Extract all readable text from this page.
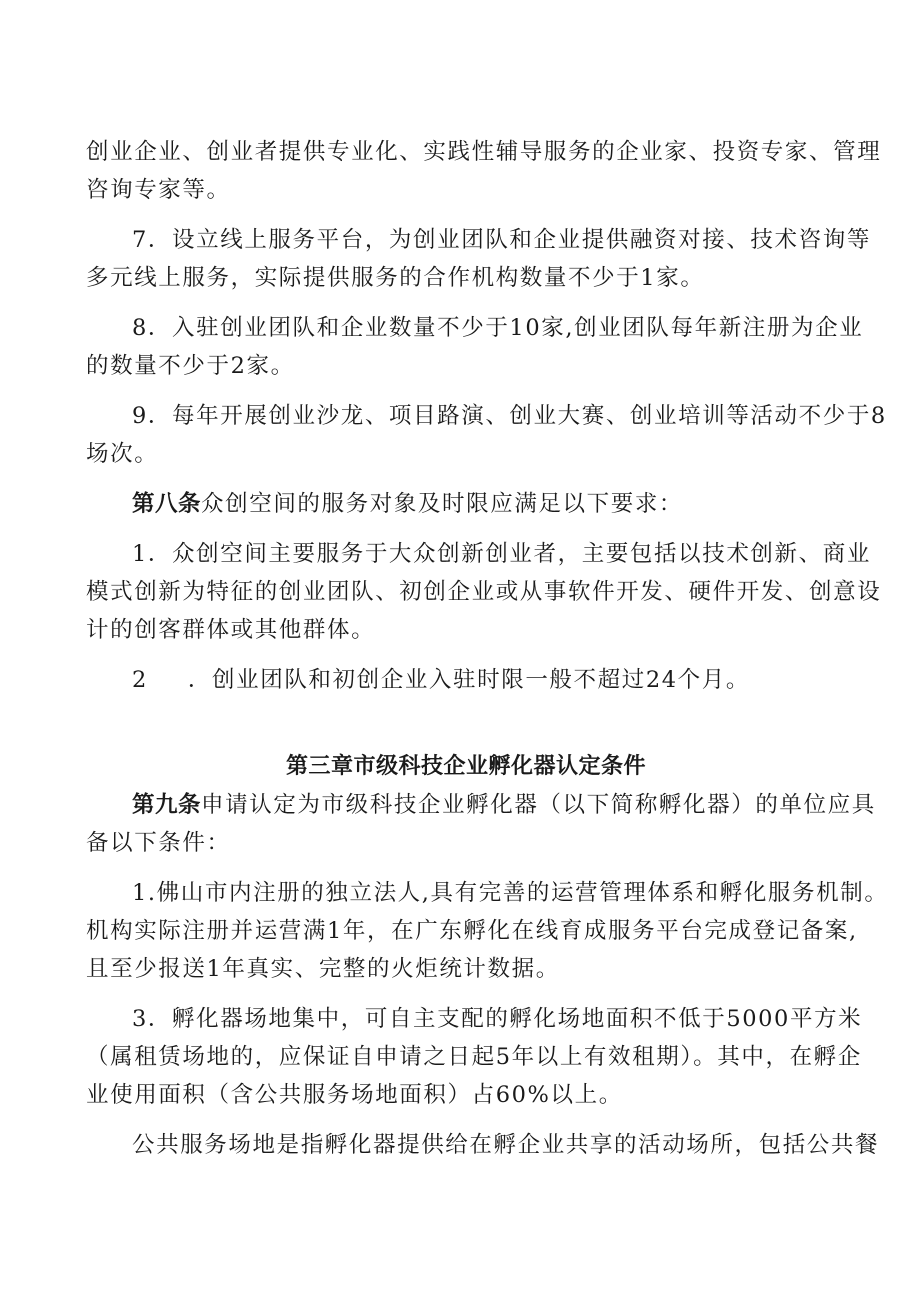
创业企业、创业者提供专业化、实践性辅导服务的企业家、投资专家、管理
咨询专家等。
7．设立线上服务平台，为创业团队和企业提供融资对接、技术咨询等
多元线上服务，实际提供服务的合作机构数量不少于1家。
8．入驻创业团队和企业数量不少于10家,创业团队每年新注册为企业
的数量不少于2家。
9．每年开展创业沙龙、项目路演、创业大赛、创业培训等活动不少于8
场次。
第八条众创空间的服务对象及时限应满足以下要求：
1．众创空间主要服务于大众创新创业者，主要包括以技术创新、商业
模式创新为特征的创业团队、初创企业或从事软件开发、硬件开发、创意设
计的创客群体或其他群体。
2 ．创业团队和初创企业入驻时限一般不超过24个月。
第三章市级科技企业孵化器认定条件
第九条申请认定为市级科技企业孵化器（以下简称孵化器）的单位应具
备以下条件：
1.佛山市内注册的独立法人,具有完善的运营管理体系和孵化服务机制。
机构实际注册并运营满1年，在广东孵化在线育成服务平台完成登记备案,
且至少报送1年真实、完整的火炬统计数据。
3．孵化器场地集中，可自主支配的孵化场地面积不低于5000平方米
（属租赁场地的，应保证自申请之日起5年以上有效租期）。其中，在孵企
业使用面积（含公共服务场地面积）占60%以上。
公共服务场地是指孵化器提供给在孵企业共享的活动场所，包括公共餐
